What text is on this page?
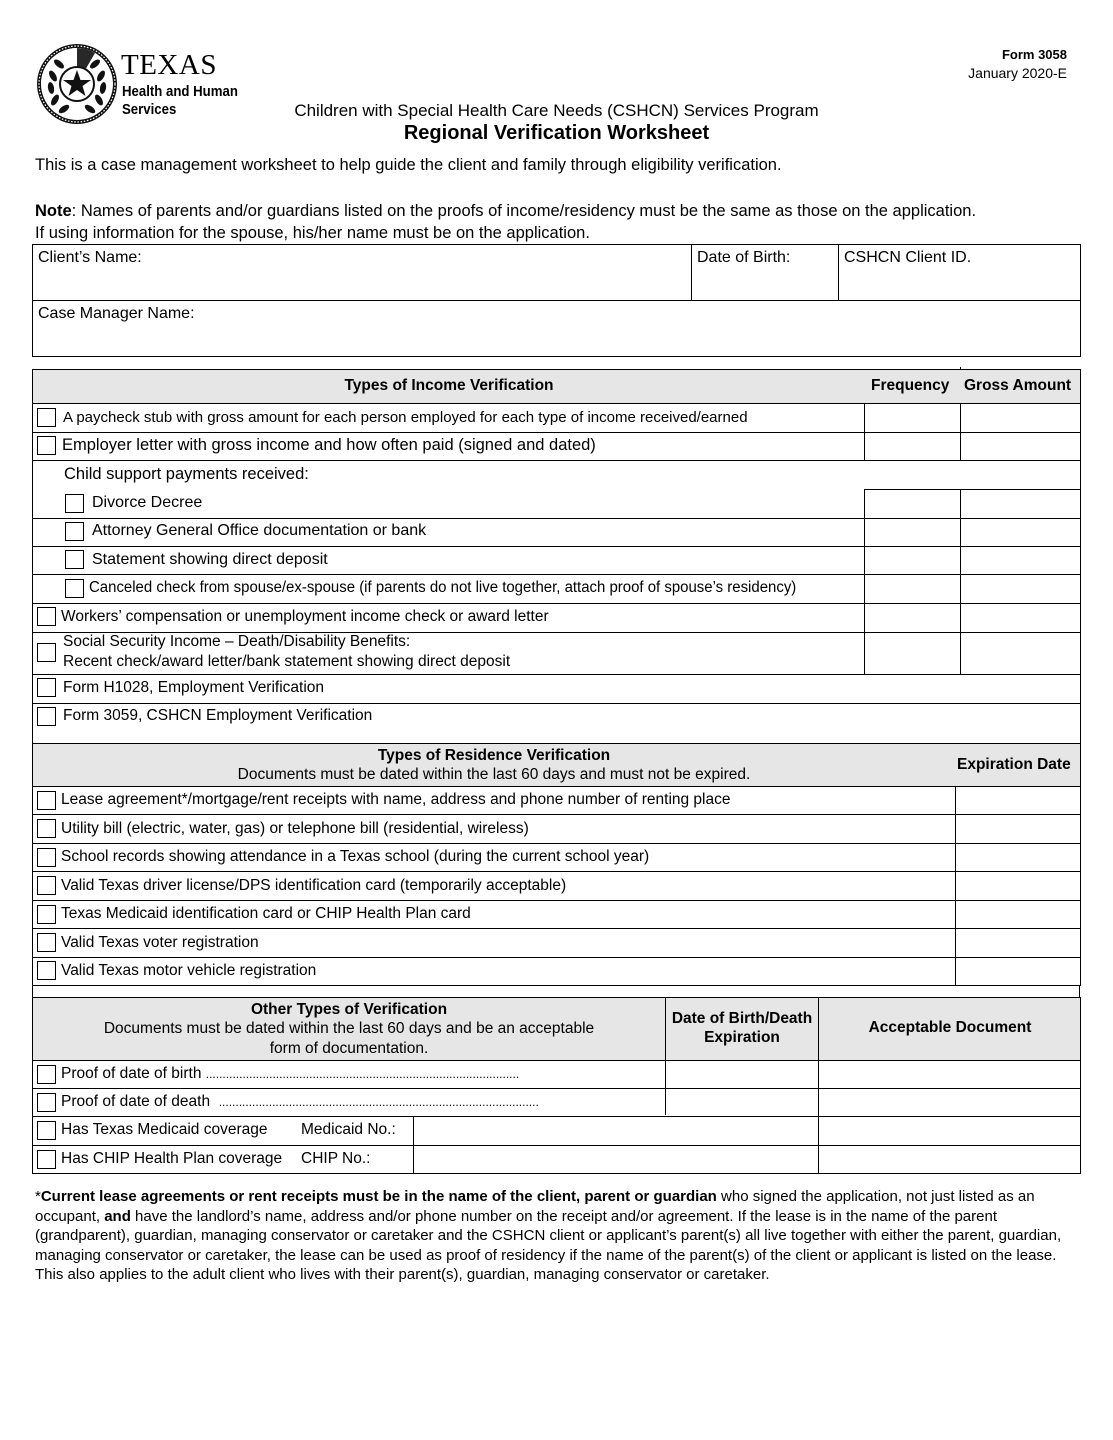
TEXAS
Health and Human
Services
Form 3058
January 2020-E
Children with Special Health Care Needs (CSHCN) Services Program
Regional Verification Worksheet
This is a case management worksheet to help guide the client and family through eligibility verification.
Note: Names of parents and/or guardians listed on the proofs of income/residency must be the same as those on the application.
If using information for the spouse, his/her name must be on the application.
Client’s Name:	Date of Birth:	CSHCN Client ID.
Case Manager Name:
Types of Income Verification	Frequency Gross Amount
A paycheck stub with gross amount for each person employed for each type of income received/earned
Employer letter with gross income and how often paid (signed and dated)
Child support payments received:
Divorce Decree
Attorney General Office documentation or bank
Statement showing direct deposit
Canceled check from spouse/ex-spouse (if parents do not live together, attach proof of spouse’s residency)
Workers’ compensation or unemployment income check or award letter
Social Security Income – Death/Disability Benefits:
Recent check/award letter/bank statement showing direct deposit
Form H1028, Employment Verification
Form 3059, CSHCN Employment Verification
Types of Residence Verification
Documents must be dated within the last 60 days and must not be expired.
Expiration Date
Lease agreement*/mortgage/rent receipts with name, address and phone number of renting place
Utility bill (electric, water, gas) or telephone bill (residential, wireless)
School records showing attendance in a Texas school (during the current school year)
Valid Texas driver license/DPS identification card (temporarily acceptable)
Texas Medicaid identification card or CHIP Health Plan card
Valid Texas voter registration
Valid Texas motor vehicle registration
Other Types of Verification
Documents must be dated within the last 60 days and be an acceptable
form of documentation.
Date of Birth/Death
Expiration
Acceptable Document
Proof of date of birth ..............................................................................................
Proof of date of death ................................................................................................
Has Texas Medicaid coverage Medicaid No.:
Has CHIP Health Plan coverage CHIP No.:
*Current lease agreements or rent receipts must be in the name of the client, parent or guardian who signed the application, not just listed as an occupant, and have the landlord’s name, address and/or phone number on the receipt and/or agreement. If the lease is in the name of the parent (grandparent), guardian, managing conservator or caretaker and the CSHCN client or applicant’s parent(s) all live together with either the parent, guardian, managing conservator or caretaker, the lease can be used as proof of residency if the name of the parent(s) of the client or applicant is listed on the lease. This also applies to the adult client who lives with their parent(s), guardian, managing conservator or caretaker.
